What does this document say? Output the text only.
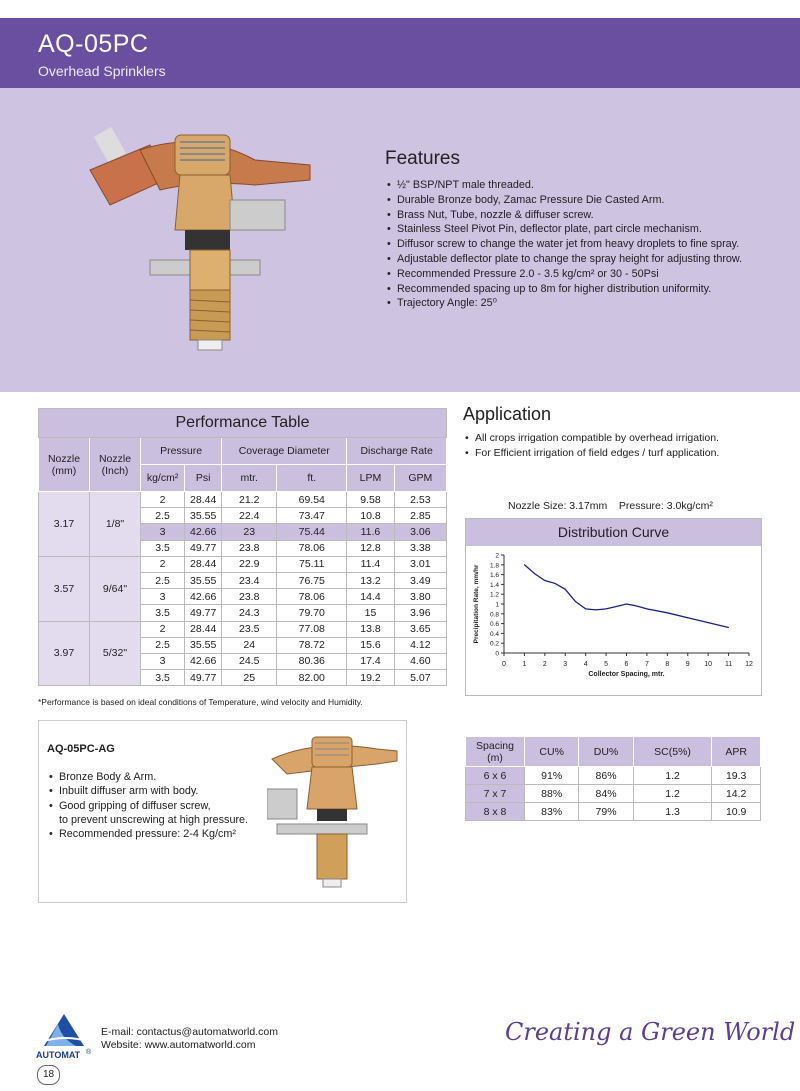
AQ-05PC
Overhead Sprinklers
Features
• ½" BSP/NPT male threaded.
• Durable Bronze body, Zamac Pressure Die Casted Arm.
• Brass Nut, Tube, nozzle & diffuser screw.
• Stainless Steel Pivot Pin, deflector plate, part circle mechanism.
• Diffusor screw to change the water jet from heavy droplets to fine spray.
• Adjustable deflector plate to change the spray height for adjusting throw.
• Recommended Pressure 2.0 - 3.5 kg/cm² or 30 - 50Psi
• Recommended spacing up to 8m for higher distribution uniformity.
• Trajectory Angle: 25⁰
Performance Table							
Nozzle (mm)	Nozzle (Inch)	Pressure		Coverage Diameter		Discharge Rate	
		kg/cm²	Psi	mtr.	ft.	LPM	GPM
3.17	1/8"	2	28.44	21.2	69.54	9.58	2.53
		2.5	35.55	22.4	73.47	10.8	2.85
		3	42.66	23	75.44	11.6	3.06
		3.5	49.77	23.8	78.06	12.8	3.38
3.57	9/64"	2	28.44	22.9	75.11	11.4	3.01
		2.5	35.55	23.4	76.75	13.2	3.49
		3	42.66	23.8	78.06	14.4	3.80
		3.5	49.77	24.3	79.70	15	3.96
3.97	5/32"	2	28.44	23.5	77.08	13.8	3.65
		2.5	35.55	24	78.72	15.6	4.12
		3	42.66	24.5	80.36	17.4	4.60
		3.5	49.77	25	82.00	19.2	5.07
*Performance is based on ideal conditions of Temperature, wind velocity and Humidity.
Application
• All crops irrigation compatible by overhead irrigation.
• For Efficient irrigation of field edges / turf application.
Nozzle Size: 3.17mm Pressure: 3.0kg/cm²
Distribution Curve
0 1 2 3 4 5 6 7 8 9 10 11 12
0
0.2
0.4
0.6
0.8
1
1.2
1.4
1.6
1.8
2
Collector Spacing, mtr.
Precipitation Rate, mm/hr
AQ-05PC-AG
• Bronze Body & Arm.
• Inbuilt diffuser arm with body.
• Good gripping of diffuser screw,
to prevent unscrewing at high pressure.
• Recommended pressure: 2-4 Kg/cm²
Spacing (m)	CU%	DU%	SC(5%)	APR
6 x 6	91%	86%	1.2	19.3
7 x 7	88%	84%	1.2	14.2
8 x 8	83%	79%	1.3	10.9
AUTOMAT ®
E-mail: contactus@automatworld.com
Website: www.automatworld.com	Creating a Green World
18
